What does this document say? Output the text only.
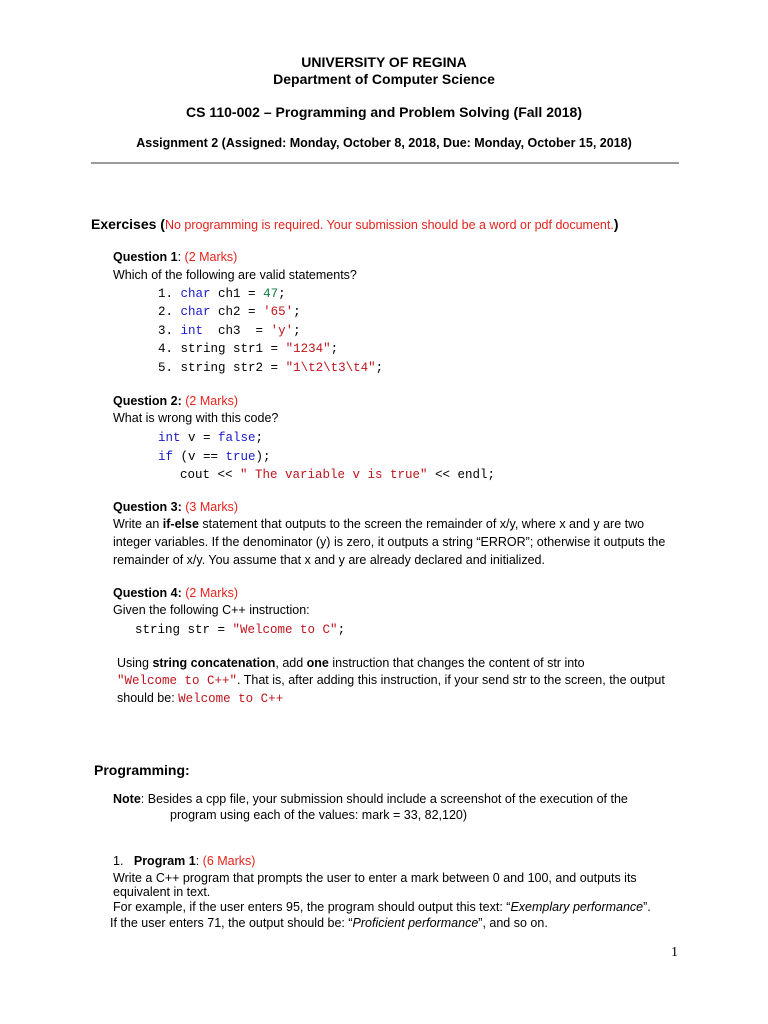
UNIVERSITY OF REGINA
Department of Computer Science
CS 110-002 – Programming and Problem Solving (Fall 2018)
Assignment 2 (Assigned: Monday, October 8, 2018, Due: Monday, October 15, 2018)
Exercises (No programming is required. Your submission should be a word or pdf document.)
Question 1: (2 Marks)
Which of the following are valid statements?
1. char ch1 = 47;
2. char ch2 = '65';
3. int  ch3  = 'y';
4. string str1 = "1234";
5. string str2 = "1\t2\t3\t4";
Question 2: (2 Marks)
What is wrong with this code?
int v = false;
if (v == true);
cout << " The variable v is true" << endl;
Question 3: (3 Marks)
Write an if-else statement that outputs to the screen the remainder of x/y, where x and y are two
integer variables. If the denominator (y) is zero, it outputs a string “ERROR”; otherwise it outputs the
remainder of x/y. You assume that x and y are already declared and initialized.
Question 4: (2 Marks)
Given the following C++ instruction:
string str = "Welcome to C";
Using string concatenation, add one instruction that changes the content of str into
"Welcome to C++". That is, after adding this instruction, if your send str to the screen, the output
should be: Welcome to C++
Programming:
Note: Besides a cpp file, your submission should include a screenshot of the execution of the
program using each of the values: mark = 33, 82,120)
1. Program 1: (6 Marks)
Write a C++ program that prompts the user to enter a mark between 0 and 100, and outputs its
equivalent in text.
For example, if the user enters 95, the program should output this text: “Exemplary performance”.
If the user enters 71, the output should be: “Proficient performance”, and so on.
1
